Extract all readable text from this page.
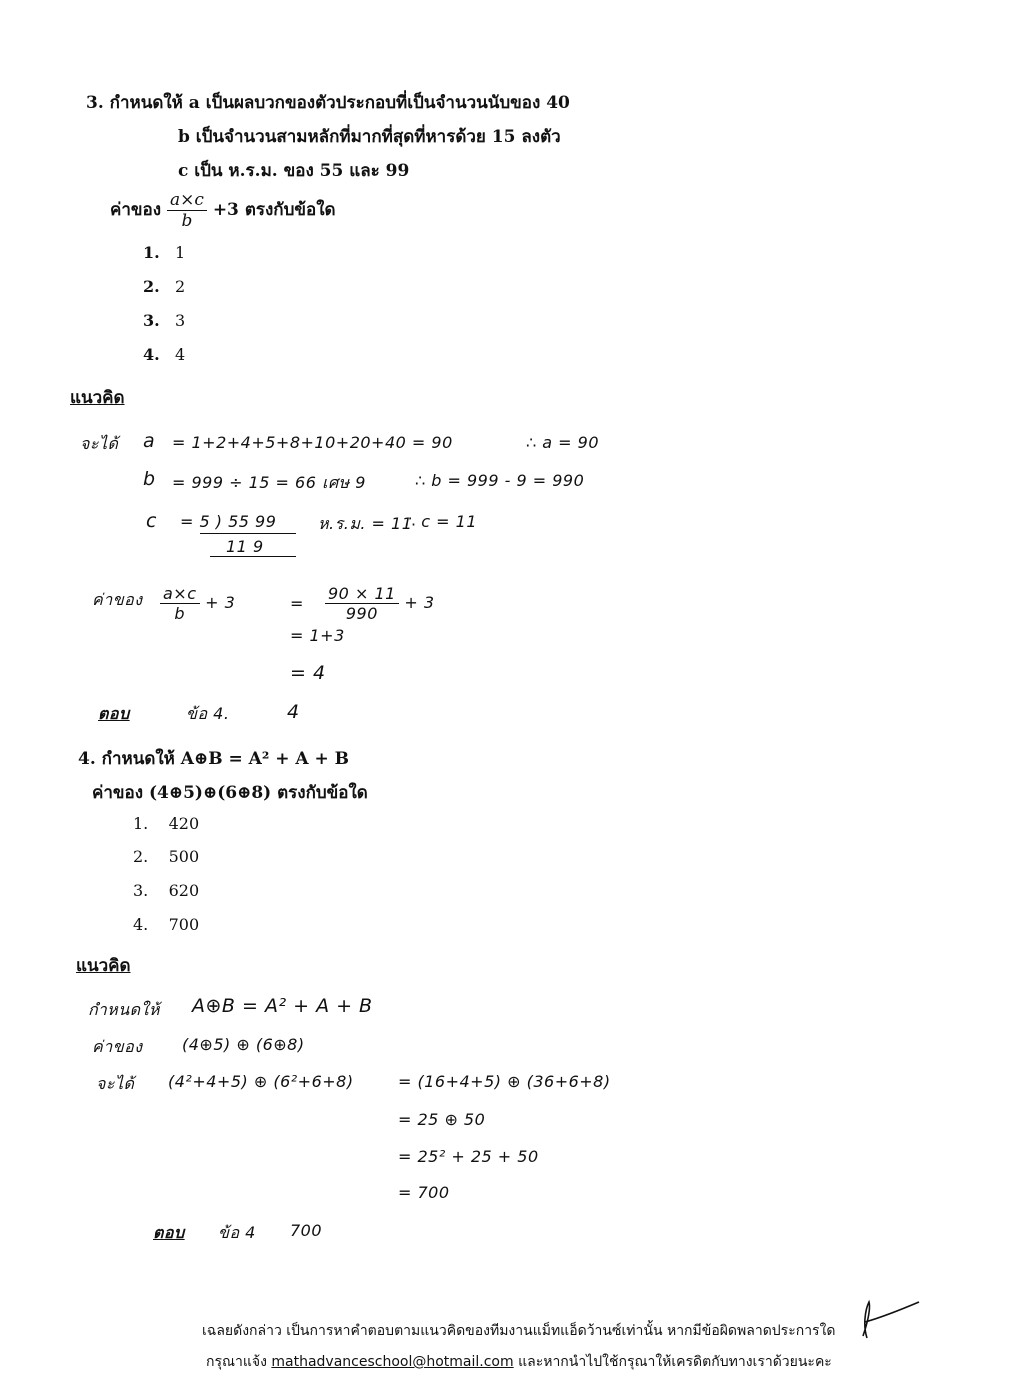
3. กำหนดให้ a เป็นผลบวกของตัวประกอบที่เป็นจำนวนนับของ 40
b เป็นจำนวนสามหลักที่มากที่สุดที่หารด้วย 15 ลงตัว
c เป็น ห.ร.ม. ของ 55 และ 99
ค่าของ $\frac{a\times c}{b} +3$ ตรงกับข้อใด
1. 1
2. 2
3. 3
4. 4
แนวคิด
จะได้ a = 1+2+4+5+8+10+20+40 = 90	∴ a = 90
b = 999 ÷ 15 = 66 เศษ 9	∴ b = 999 - 9 = 990
c = 5 ) 55 99
11 9
ห.ร.ม. = 11
∴ c = 11
ค่าของ $\frac{a\times c}{b} + 3$	= $\frac{90 \times 11}{990} + 3$
= 1+3
= 4
ตอบ	ข้อ 4.	4
4. กำหนดให้ A⊕B = A² + A + B
ค่าของ (4⊕5)⊕(6⊕8) ตรงกับข้อใด
1. 420
2. 500
3. 620
4. 700
แนวคิด
กำหนดให้ A⊕B = A² + A + B
ค่าของ (4⊕5) ⊕ (6⊕8)
จะได้ (4²+4+5) ⊕ (6²+6+8)	= (16+4+5) ⊕ (36+6+8)
= 25 ⊕ 50
= 25² + 25 + 50
= 700
ตอบ ข้อ 4 700
เฉลยดังกล่าว เป็นการหาคำตอบตามแนวคิดของทีมงานแม็ทแอ็ดว้านซ์เท่านั้น หากมีข้อผิดพลาดประการใด
กรุณาแจ้ง mathadvanceschool@hotmail.com และหากนำไปใช้กรุณาให้เครดิตกับทางเราด้วยนะคะ
